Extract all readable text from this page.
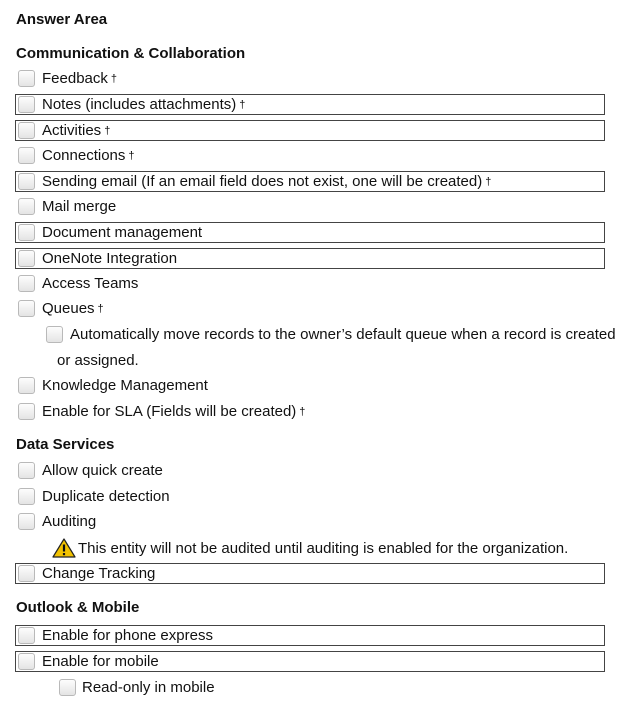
Answer Area
Communication & Collaboration
Feedback †
Notes (includes attachments) †
Activities †
Connections †
Sending email (If an email field does not exist, one will be created) †
Mail merge
Document management
OneNote Integration
Access Teams
Queues †
Automatically move records to the owner’s default queue when a record is created
or assigned.
Knowledge Management
Enable for SLA (Fields will be created) †
Data Services
Allow quick create
Duplicate detection
Auditing
This entity will not be audited until auditing is enabled for the organization.
Change Tracking
Outlook & Mobile
Enable for phone express
Enable for mobile
Read-only in mobile
